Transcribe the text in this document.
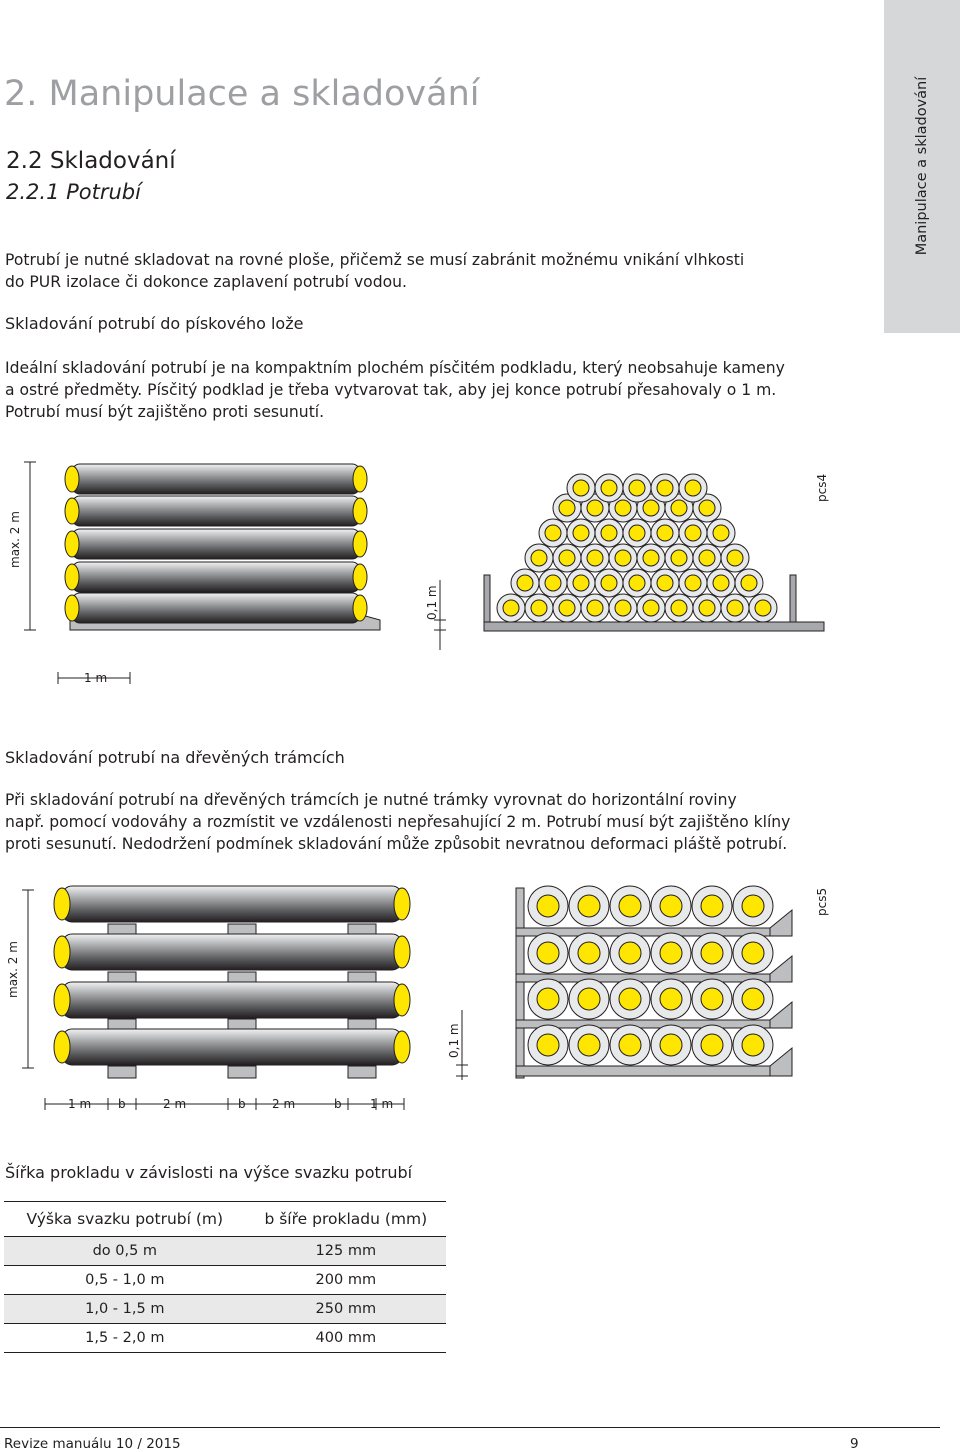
2. Manipulace a skladování
2.2 Skladování
2.2.1 Potrubí	Manipulace a skladování
Potrubí je nutné skladovat na rovné ploše, přičemž se musí zabránit možnému vnikání vlhkosti
do PUR izolace či dokonce zaplavení potrubí vodou.
Skladování potrubí do pískového lože
Ideální skladování potrubí je na kompaktním plochém písčitém podkladu, který neobsahuje kameny
a ostré předměty. Písčitý podklad je třeba vytvarovat tak, aby jej konce potrubí přesahovaly o 1 m.
Potrubí musí být zajištěno proti sesunutí.
max. 2 m
1 m
0,1 m
pcs4
Skladování potrubí na dřevěných trámcích
Při skladování potrubí na dřevěných trámcích je nutné trámky vyrovnat do horizontální roviny
např. pomocí vodováhy a rozmístit ve vzdálenosti nepřesahující 2 m. Potrubí musí být zajištěno klíny
proti sesunutí. Nedodržení podmínek skladování může způsobit nevratnou deformaci pláště potrubí.
max. 2 m
1 m b	2 m	b 2 m	b 1 m
0,1 m
pcs5
Šířka prokladu v závislosti na výšce svazku potrubí
Výška svazku potrubí (m)	b šíře prokladu (mm)
do 0,5 m	125 mm
0,5 - 1,0 m	200 mm
1,0 - 1,5 m	250 mm
1,5 - 2,0 m	400 mm
Revize manuálu 10 / 2015	9
